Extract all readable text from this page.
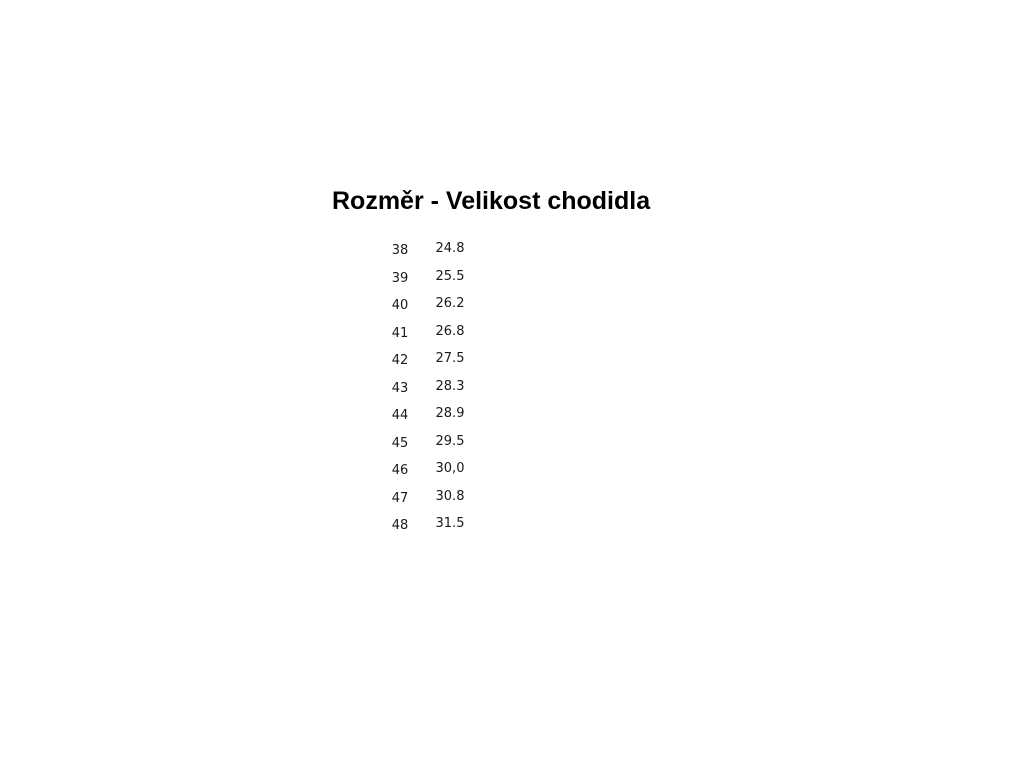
Rozměr - Velikost chodidla
38	24.8
39	25.5
40	26.2
41	26.8
42	27.5
43	28.3
44	28.9
45	29.5
46	30,0
47	30.8
48	31.5
